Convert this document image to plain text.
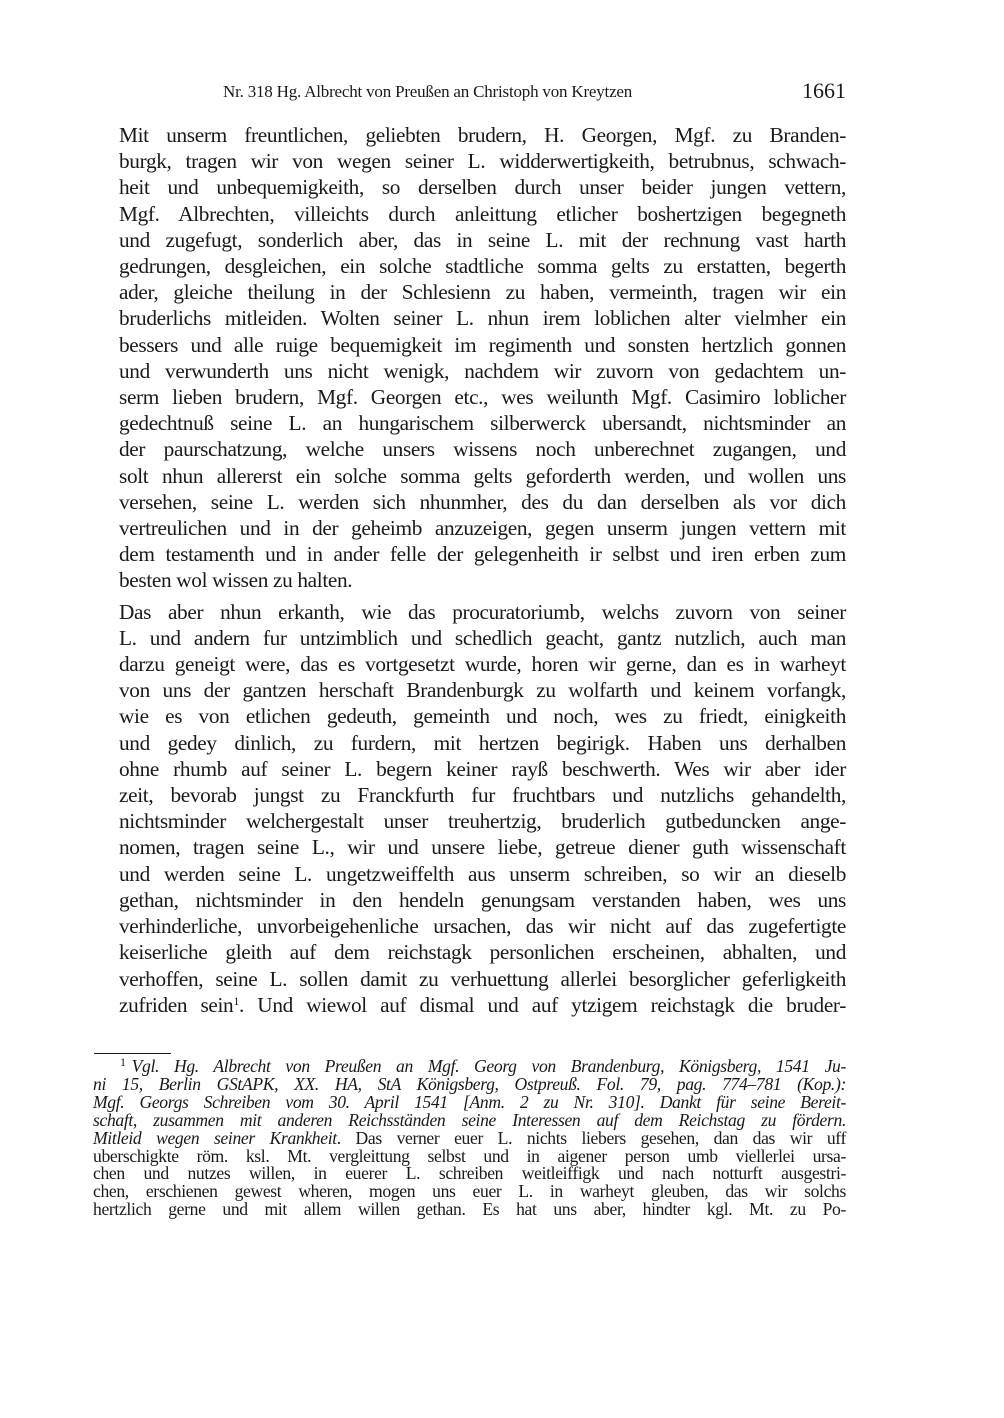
Nr. 318 Hg. Albrecht von Preußen an Christoph von Kreytzen	1661

Mit unserm freuntlichen, geliebten brudern, H. Georgen, Mgf. zu Branden-
burgk, tragen wir von wegen seiner L. widderwertigkeith, betrubnus, schwach-
heit und unbequemigkeith, so derselben durch unser beider jungen vettern,
Mgf. Albrechten, villeichts durch anleittung etlicher boshertzigen begegneth
und zugefugt, sonderlich aber, das in seine L. mit der rechnung vast harth
gedrungen, desgleichen, ein solche stadtliche somma gelts zu erstatten, begerth
ader, gleiche theilung in der Schlesienn zu haben, vermeinth, tragen wir ein
bruderlichs mitleiden. Wolten seiner L. nhun irem loblichen alter vielmher ein
bessers und alle ruige bequemigkeit im regimenth und sonsten hertzlich gonnen
und verwunderth uns nicht wenigk, nachdem wir zuvorn von gedachtem un-
serm lieben brudern, Mgf. Georgen etc., wes weilunth Mgf. Casimiro loblicher
gedechtnuß seine L. an hungarischem silberwerck ubersandt, nichtsminder an
der paurschatzung, welche unsers wissens noch unberechnet zugangen, und
solt nhun allererst ein solche somma gelts geforderth werden, und wollen uns
versehen, seine L. werden sich nhunmher, des du dan derselben als vor dich
vertreulichen und in der geheimb anzuzeigen, gegen unserm jungen vettern mit
dem testamenth und in ander felle der gelegenheith ir selbst und iren erben zum
besten wol wissen zu halten.

Das aber nhun erkanth, wie das procuratoriumb, welchs zuvorn von seiner
L. und andern fur untzimblich und schedlich geacht, gantz nutzlich, auch man
darzu geneigt were, das es vortgesetzt wurde, horen wir gerne, dan es in warheyt
von uns der gantzen herschaft Brandenburgk zu wolfarth und keinem vorfangk,
wie es von etlichen gedeuth, gemeinth und noch, wes zu friedt, einigkeith
und gedey dinlich, zu furdern, mit hertzen begirigk. Haben uns derhalben
ohne rhumb auf seiner L. begern keiner rayß beschwerth. Wes wir aber ider
zeit, bevorab jungst zu Franckfurth fur fruchtbars und nutzlichs gehandelth,
nichtsminder welchergestalt unser treuhertzig, bruderlich gutbeduncken ange-
nomen, tragen seine L., wir und unsere liebe, getreue diener guth wissenschaft
und werden seine L. ungetzweiffelth aus unserm schreiben, so wir an dieselb
gethan, nichtsminder in den hendeln genungsam verstanden haben, wes uns
verhinderliche, unvorbeigehenliche ursachen, das wir nicht auf das zugefertigte
keiserliche gleith auf dem reichstagk personlichen erscheinen, abhalten, und
verhoffen, seine L. sollen damit zu verhuettung allerlei besorglicher geferligkeith
zufriden sein$^1$. Und wiewol auf dismal und auf ytzigem reichstagk die bruder-

$^1$ Vgl. Hg. Albrecht von Preußen an Mgf. Georg von Brandenburg, Königsberg, 1541 Ju-
ni 15, Berlin GStAPK, XX. HA, StA Königsberg, Ostpreuß. Fol. 79, pag. 774–781 (Kop.):
Mgf. Georgs Schreiben vom 30. April 1541 [Anm. 2 zu Nr. 310]. Dankt für seine Bereit-
schaft, zusammen mit anderen Reichsständen seine Interessen auf dem Reichstag zu fördern.
Mitleid wegen seiner Krankheit. Das verner euer L. nichts liebers gesehen, dan das wir uff
uberschigkte röm. ksl. Mt. vergleittung selbst und in aigener person umb viellerlei ursa-
chen und nutzes willen, in euerer L. schreiben weitleiffigk und nach notturft ausgestri-
chen, erschienen gewest wheren, mogen uns euer L. in warheyt gleuben, das wir solchs
hertzlich gerne und mit allem willen gethan. Es hat uns aber, hindter kgl. Mt. zu Po-
